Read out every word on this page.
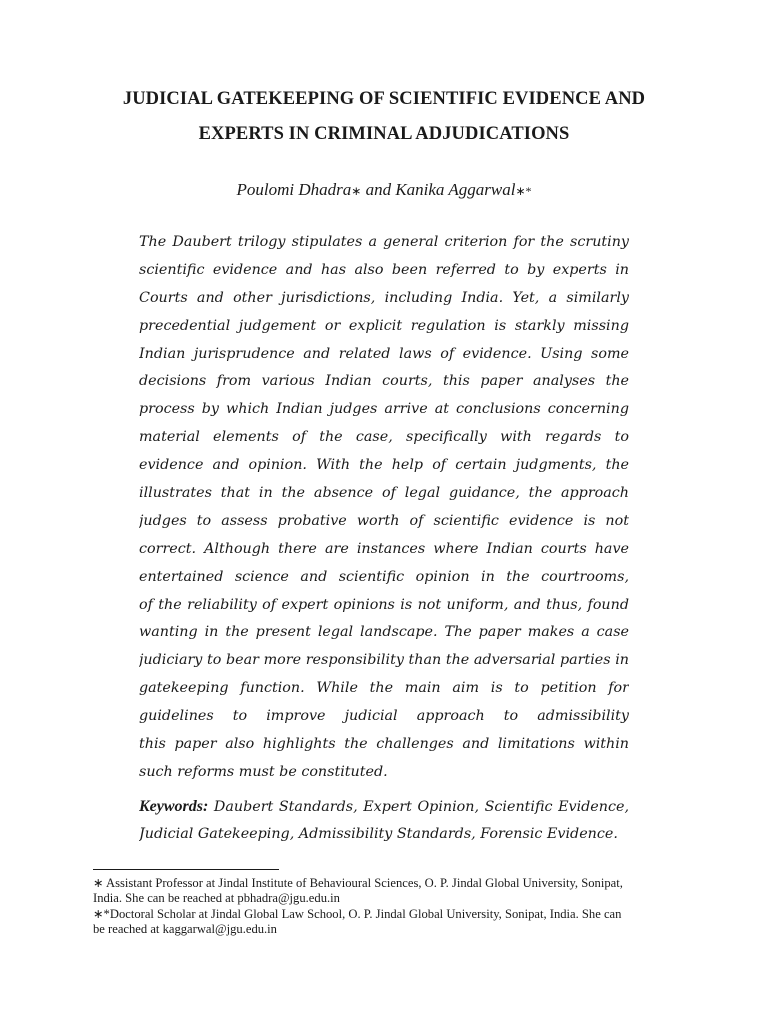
JUDICIAL GATEKEEPING OF SCIENTIFIC EVIDENCE AND
EXPERTS IN CRIMINAL ADJUDICATIONS
Poulomi Dhadra∗ and Kanika Aggarwal∗*
The Daubert trilogy stipulates a general criterion for the scrutiny
scientific evidence and has also been referred to by experts in
Courts and other jurisdictions, including India. Yet, a similarly
precedential judgement or explicit regulation is starkly missing
Indian jurisprudence and related laws of evidence. Using some
decisions from various Indian courts, this paper analyses the
process by which Indian judges arrive at conclusions concerning
material elements of the case, specifically with regards to
evidence and opinion. With the help of certain judgments, the
illustrates that in the absence of legal guidance, the approach
judges to assess probative worth of scientific evidence is not
correct. Although there are instances where Indian courts have
entertained science and scientific opinion in the courtrooms,
of the reliability of expert opinions is not uniform, and thus, found
wanting in the present legal landscape. The paper makes a case
judiciary to bear more responsibility than the adversarial parties in
gatekeeping function. While the main aim is to petition for
guidelines to improve judicial approach to admissibility
this paper also highlights the challenges and limitations within
such reforms must be constituted.
Keywords: Daubert Standards, Expert Opinion, Scientific Evidence,
Judicial Gatekeeping, Admissibility Standards, Forensic Evidence.
∗ Assistant Professor at Jindal Institute of Behavioural Sciences, O. P. Jindal Global University, Sonipat,
India. She can be reached at pbhadra@jgu.edu.in
∗*Doctoral Scholar at Jindal Global Law School, O. P. Jindal Global University, Sonipat, India. She can
be reached at kaggarwal@jgu.edu.in
